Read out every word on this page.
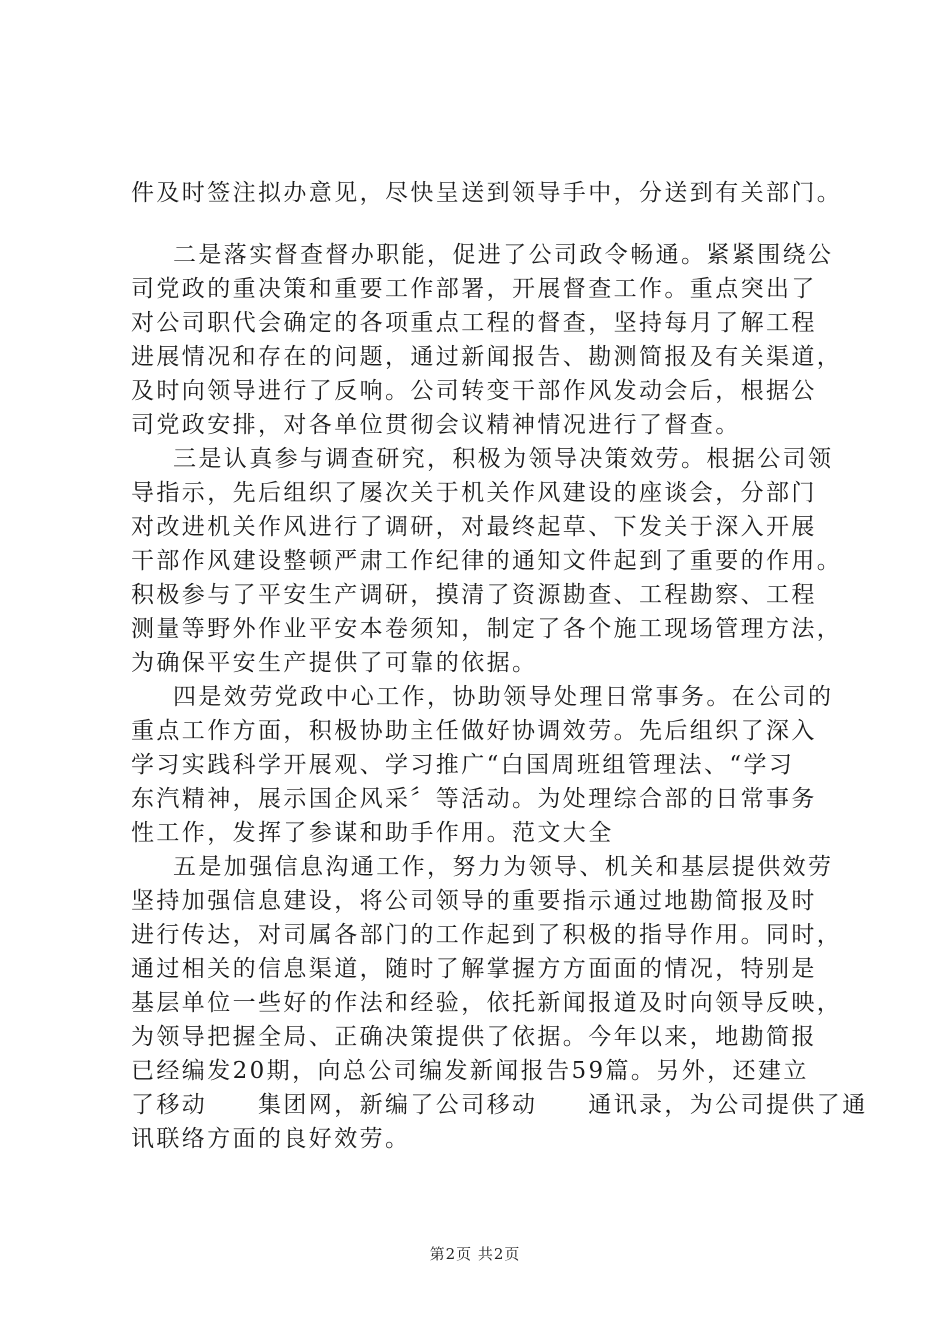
件及时签注拟办意见，尽快呈送到领导手中，分送到有关部门。
二是落实督查督办职能，促进了公司政令畅通。紧紧围绕公
司党政的重决策和重要工作部署，开展督查工作。重点突出了
对公司职代会确定的各项重点工程的督查，坚持每月了解工程
进展情况和存在的问题，通过新闻报告、勘测简报及有关渠道，
及时向领导进行了反响。公司转变干部作风发动会后，根据公
司党政安排，对各单位贯彻会议精神情况进行了督查。
三是认真参与调查研究，积极为领导决策效劳。根据公司领
导指示，先后组织了屡次关于机关作风建设的座谈会，分部门
对改进机关作风进行了调研，对最终起草、下发关于深入开展
干部作风建设整顿严肃工作纪律的通知文件起到了重要的作用。
积极参与了平安生产调研，摸清了资源勘查、工程勘察、工程
测量等野外作业平安本卷须知，制定了各个施工现场管理方法，
为确保平安生产提供了可靠的依据。
四是效劳党政中心工作，协助领导处理日常事务。在公司的
重点工作方面，积极协助主任做好协调效劳。先后组织了深入
学习实践科学开展观、学习推广“白国周班组管理法、“学习
东汽精神，展示国企风采〞等活动。为处理综合部的日常事务
性工作，发挥了参谋和助手作用。范文大全
五是加强信息沟通工作，努力为领导、机关和基层提供效劳
坚持加强信息建设，将公司领导的重要指示通过地勘简报及时
进行传达，对司属各部门的工作起到了积极的指导作用。同时，
通过相关的信息渠道，随时了解掌握方方面面的情况，特别是
基层单位一些好的作法和经验，依托新闻报道及时向领导反映，
为领导把握全局、正确决策提供了依据。今年以来，地勘简报
已经编发20期，向总公司编发新闻报告59篇。另外，还建立
了移动　　集团网，新编了公司移动　　通讯录，为公司提供了通
讯联络方面的良好效劳。
第2页 共2页
